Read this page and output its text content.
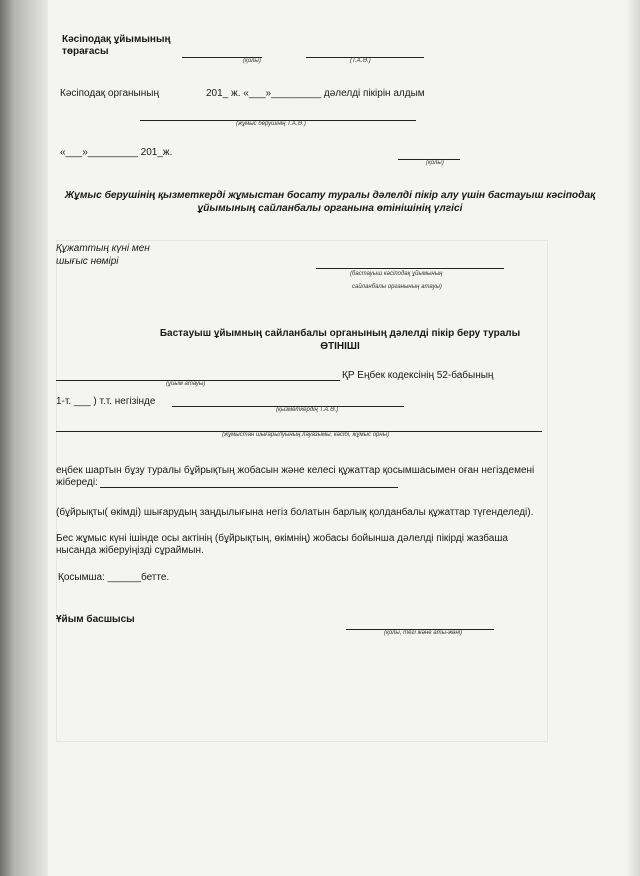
Кәсіподақ ұйымының
төрағасы
(қолы)	(Т.А.Ә.)
Кәсіподақ органының	201_ ж. «___»_________ дәлелді пікірін алдым
(жұмыс берушінің Т.А.Ә.)
«___»_________ 201_ж.
(қолы)
Жұмыс берушінің қызметкерді жұмыстан босату туралы дәлелді пікір алу үшін бастауыш кәсіподақ
ұйымының сайланбалы органына өтінішінің үлгісі
Құжаттың күні мен
шығыс нөмірі
(бастауыш кәсіподақ ұйымының
сайланбалы органының атауы)
Бастауыш ұйымның сайланбалы органының дәлелді пікір беру туралы
ӨТІНІШІ
ҚР Еңбек кодексінің 52-бабының
(ұйым атауы)
1-т. ___ ) т.т. негізінде
(қызметкердің Т.А.Ә.)
(жұмыстан шығарылуының лауазымы, кәсібі, жұмыс орны)
еңбек шартын бұзу туралы бұйрықтың жобасын және келесі құжаттар қосымшасымен оған негіздемені
жібереді:
(бұйрықты( өкімді) шығарудың заңдылығына негіз болатын барлық қолданбалы құжаттар түгенделеді).
Бес жұмыс күні ішінде осы актінің (бұйрықтың, өкімнің) жобасы бойынша дәлелді пікірді жазбаша
нысанда жіберуіңізді сұраймын.
Қосымша: ______бетте.
Ұйым басшысы
(қолы, тегі және аты-жөні)
